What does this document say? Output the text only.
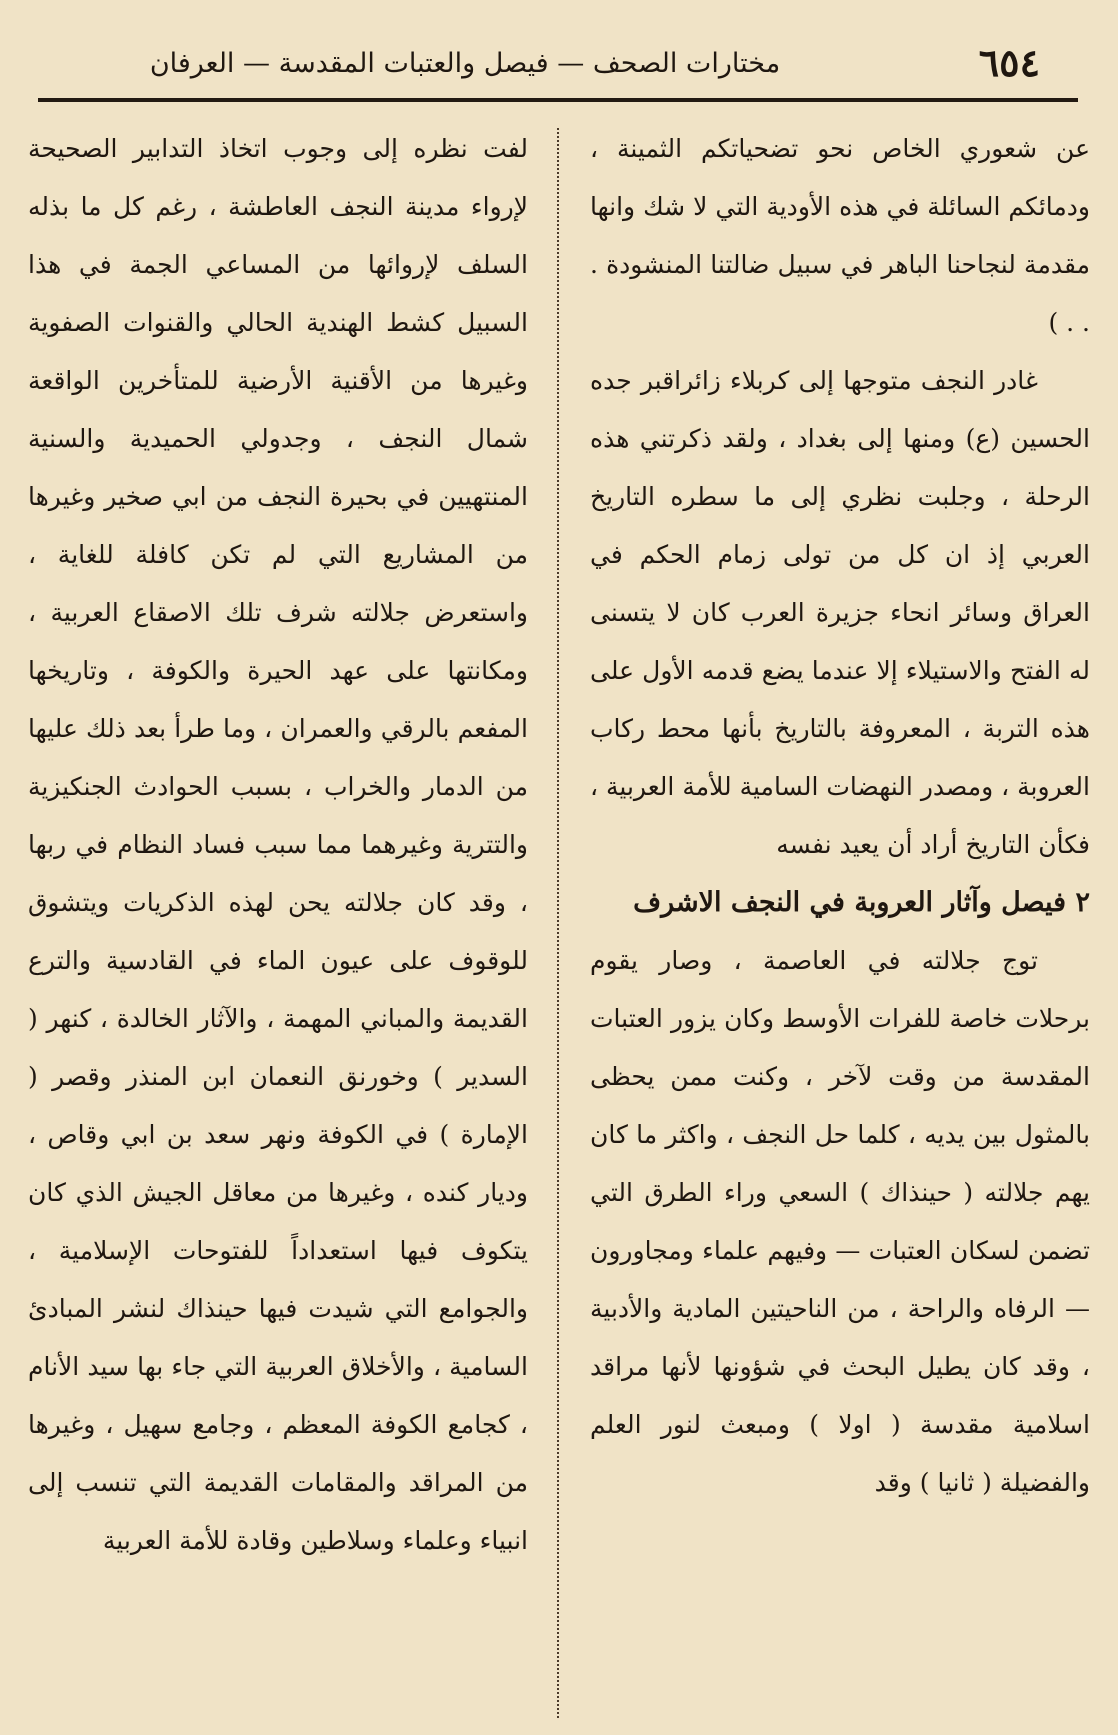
٦٥٤
مختارات الصحف — فيصل والعتبات المقدسة — العرفان

عن شعوري الخاص نحو تضحياتكم الثمينة ، ودمائكم السائلة في هذه الأودية التي لا شك وانها مقدمة لنجاحنا الباهر في سبيل ضالتنا المنشودة . . . )

غادر النجف متوجها إلى كربلاء زائراقبر جده الحسين (ع) ومنها إلى بغداد ، ولقد ذكرتني هذه الرحلة ، وجلبت نظري إلى ما سطره التاريخ العربي إذ ان كل من تولى زمام الحكم في العراق وسائر انحاء جزيرة العرب كان لا يتسنى له الفتح والاستيلاء إلا عندما يضع قدمه الأول على هذه التربة ، المعروفة بالتاريخ بأنها محط ركاب العروبة ، ومصدر النهضات السامية للأمة العربية ، فكأن التاريخ أراد أن يعيد نفسه

٢ فيصل وآثار العروبة في النجف الاشرف

توج جلالته في العاصمة ، وصار يقوم برحلات خاصة للفرات الأوسط وكان يزور العتبات المقدسة من وقت لآخر ، وكنت ممن يحظى بالمثول بين يديه ، كلما حل النجف ، واكثر ما كان يهم جلالته ( حينذاك ) السعي وراء الطرق التي تضمن لسكان العتبات — وفيهم علماء ومجاورون — الرفاه والراحة ، من الناحيتين المادية والأدبية ، وقد كان يطيل البحث في شؤونها لأنها مراقد اسلامية مقدسة ( اولا ) ومبعث لنور العلم والفضيلة ( ثانيا ) وقد

لفت نظره إلى وجوب اتخاذ التدابير الصحيحة لإرواء مدينة النجف العاطشة ، رغم كل ما بذله السلف لإروائها من المساعي الجمة في هذا السبيل كشط الهندية الحالي والقنوات الصفوية وغيرها من الأقنية الأرضية للمتأخرين الواقعة شمال النجف ، وجدولي الحميدية والسنية المنتهيين في بحيرة النجف من ابي صخير وغيرها من المشاريع التي لم تكن كافلة للغاية ، واستعرض جلالته شرف تلك الاصقاع العربية ، ومكانتها على عهد الحيرة والكوفة ، وتاريخها المفعم بالرقي والعمران ، وما طرأ بعد ذلك عليها من الدمار والخراب ، بسبب الحوادث الجنكيزية والتترية وغيرهما مما سبب فساد النظام في ربها ، وقد كان جلالته يحن لهذه الذكريات ويتشوق للوقوف على عيون الماء في القادسية والترع القديمة والمباني المهمة ، والآثار الخالدة ، كنهر ( السدير ) وخورنق النعمان ابن المنذر وقصر ( الإمارة ) في الكوفة ونهر سعد بن ابي وقاص ، وديار كنده ، وغيرها من معاقل الجيش الذي كان يتكوف فيها استعداداً للفتوحات الإسلامية ، والجوامع التي شيدت فيها حينذاك لنشر المبادئ السامية ، والأخلاق العربية التي جاء بها سيد الأنام ، كجامع الكوفة المعظم ، وجامع سهيل ، وغيرها من المراقد والمقامات القديمة التي تنسب إلى انبياء وعلماء وسلاطين وقادة للأمة العربية
